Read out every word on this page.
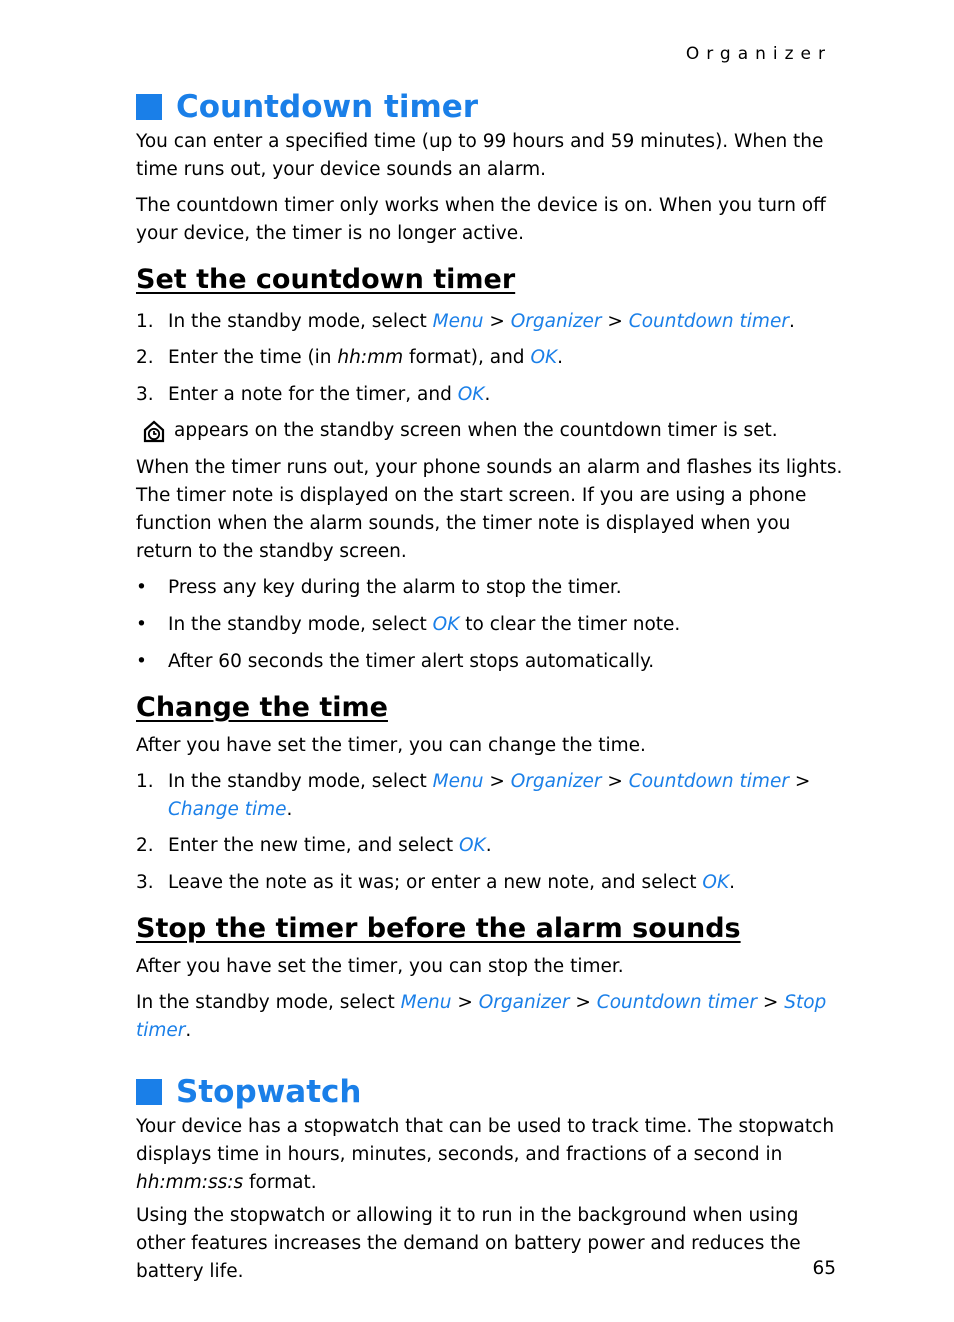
Organizer
Countdown timer

You can enter a specified time (up to 99 hours and 59 minutes). When the time runs out, your device sounds an alarm.

The countdown timer only works when the device is on. When you turn off your device, the timer is no longer active.

Set the countdown timer
1. In the standby mode, select Menu > Organizer > Countdown timer.
2. Enter the time (in hh:mm format), and OK.
3. Enter a note for the timer, and OK.
appears on the standby screen when the countdown timer is set.

When the timer runs out, your phone sounds an alarm and flashes its lights. The timer note is displayed on the start screen. If you are using a phone function when the alarm sounds, the timer note is displayed when you return to the standby screen.

•	Press any key during the alarm to stop the timer.
•	In the standby mode, select OK to clear the timer note.
•	After 60 seconds the timer alert stops automatically.
Change the time

After you have set the timer, you can change the time.

1. In the standby mode, select Menu > Organizer > Countdown timer > Change time.
2. Enter the new time, and select OK.
3. Leave the note as it was; or enter a new note, and select OK.
Stop the timer before the alarm sounds

After you have set the timer, you can stop the timer.

In the standby mode, select Menu > Organizer > Countdown timer > Stop timer.

Stopwatch

Your device has a stopwatch that can be used to track time. The stopwatch displays time in hours, minutes, seconds, and fractions of a second in hh:mm:ss:s format.

Using the stopwatch or allowing it to run in the background when using other features increases the demand on battery power and reduces the battery life.	65
